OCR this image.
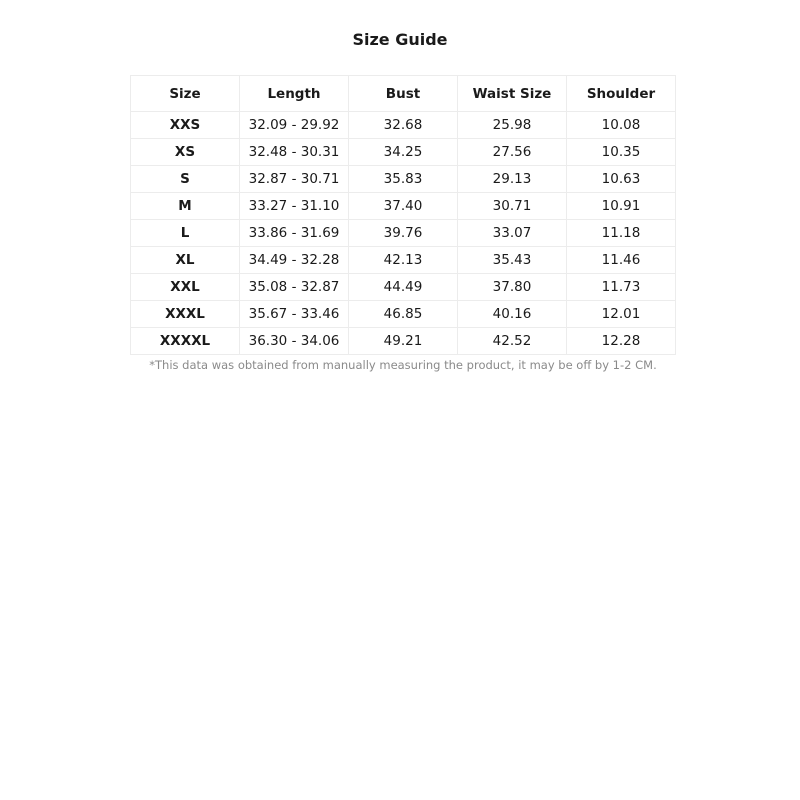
Size Guide
Size	Length	Bust	Waist Size	Shoulder
XXS	32.09 - 29.92	32.68	25.98	10.08
XS	32.48 - 30.31	34.25	27.56	10.35
S	32.87 - 30.71	35.83	29.13	10.63
M	33.27 - 31.10	37.40	30.71	10.91
L	33.86 - 31.69	39.76	33.07	11.18
XL	34.49 - 32.28	42.13	35.43	11.46
XXL	35.08 - 32.87	44.49	37.80	11.73
XXXL	35.67 - 33.46	46.85	40.16	12.01
XXXXL	36.30 - 34.06	49.21	42.52	12.28
*This data was obtained from manually measuring the product, it may be off by 1-2 CM.
